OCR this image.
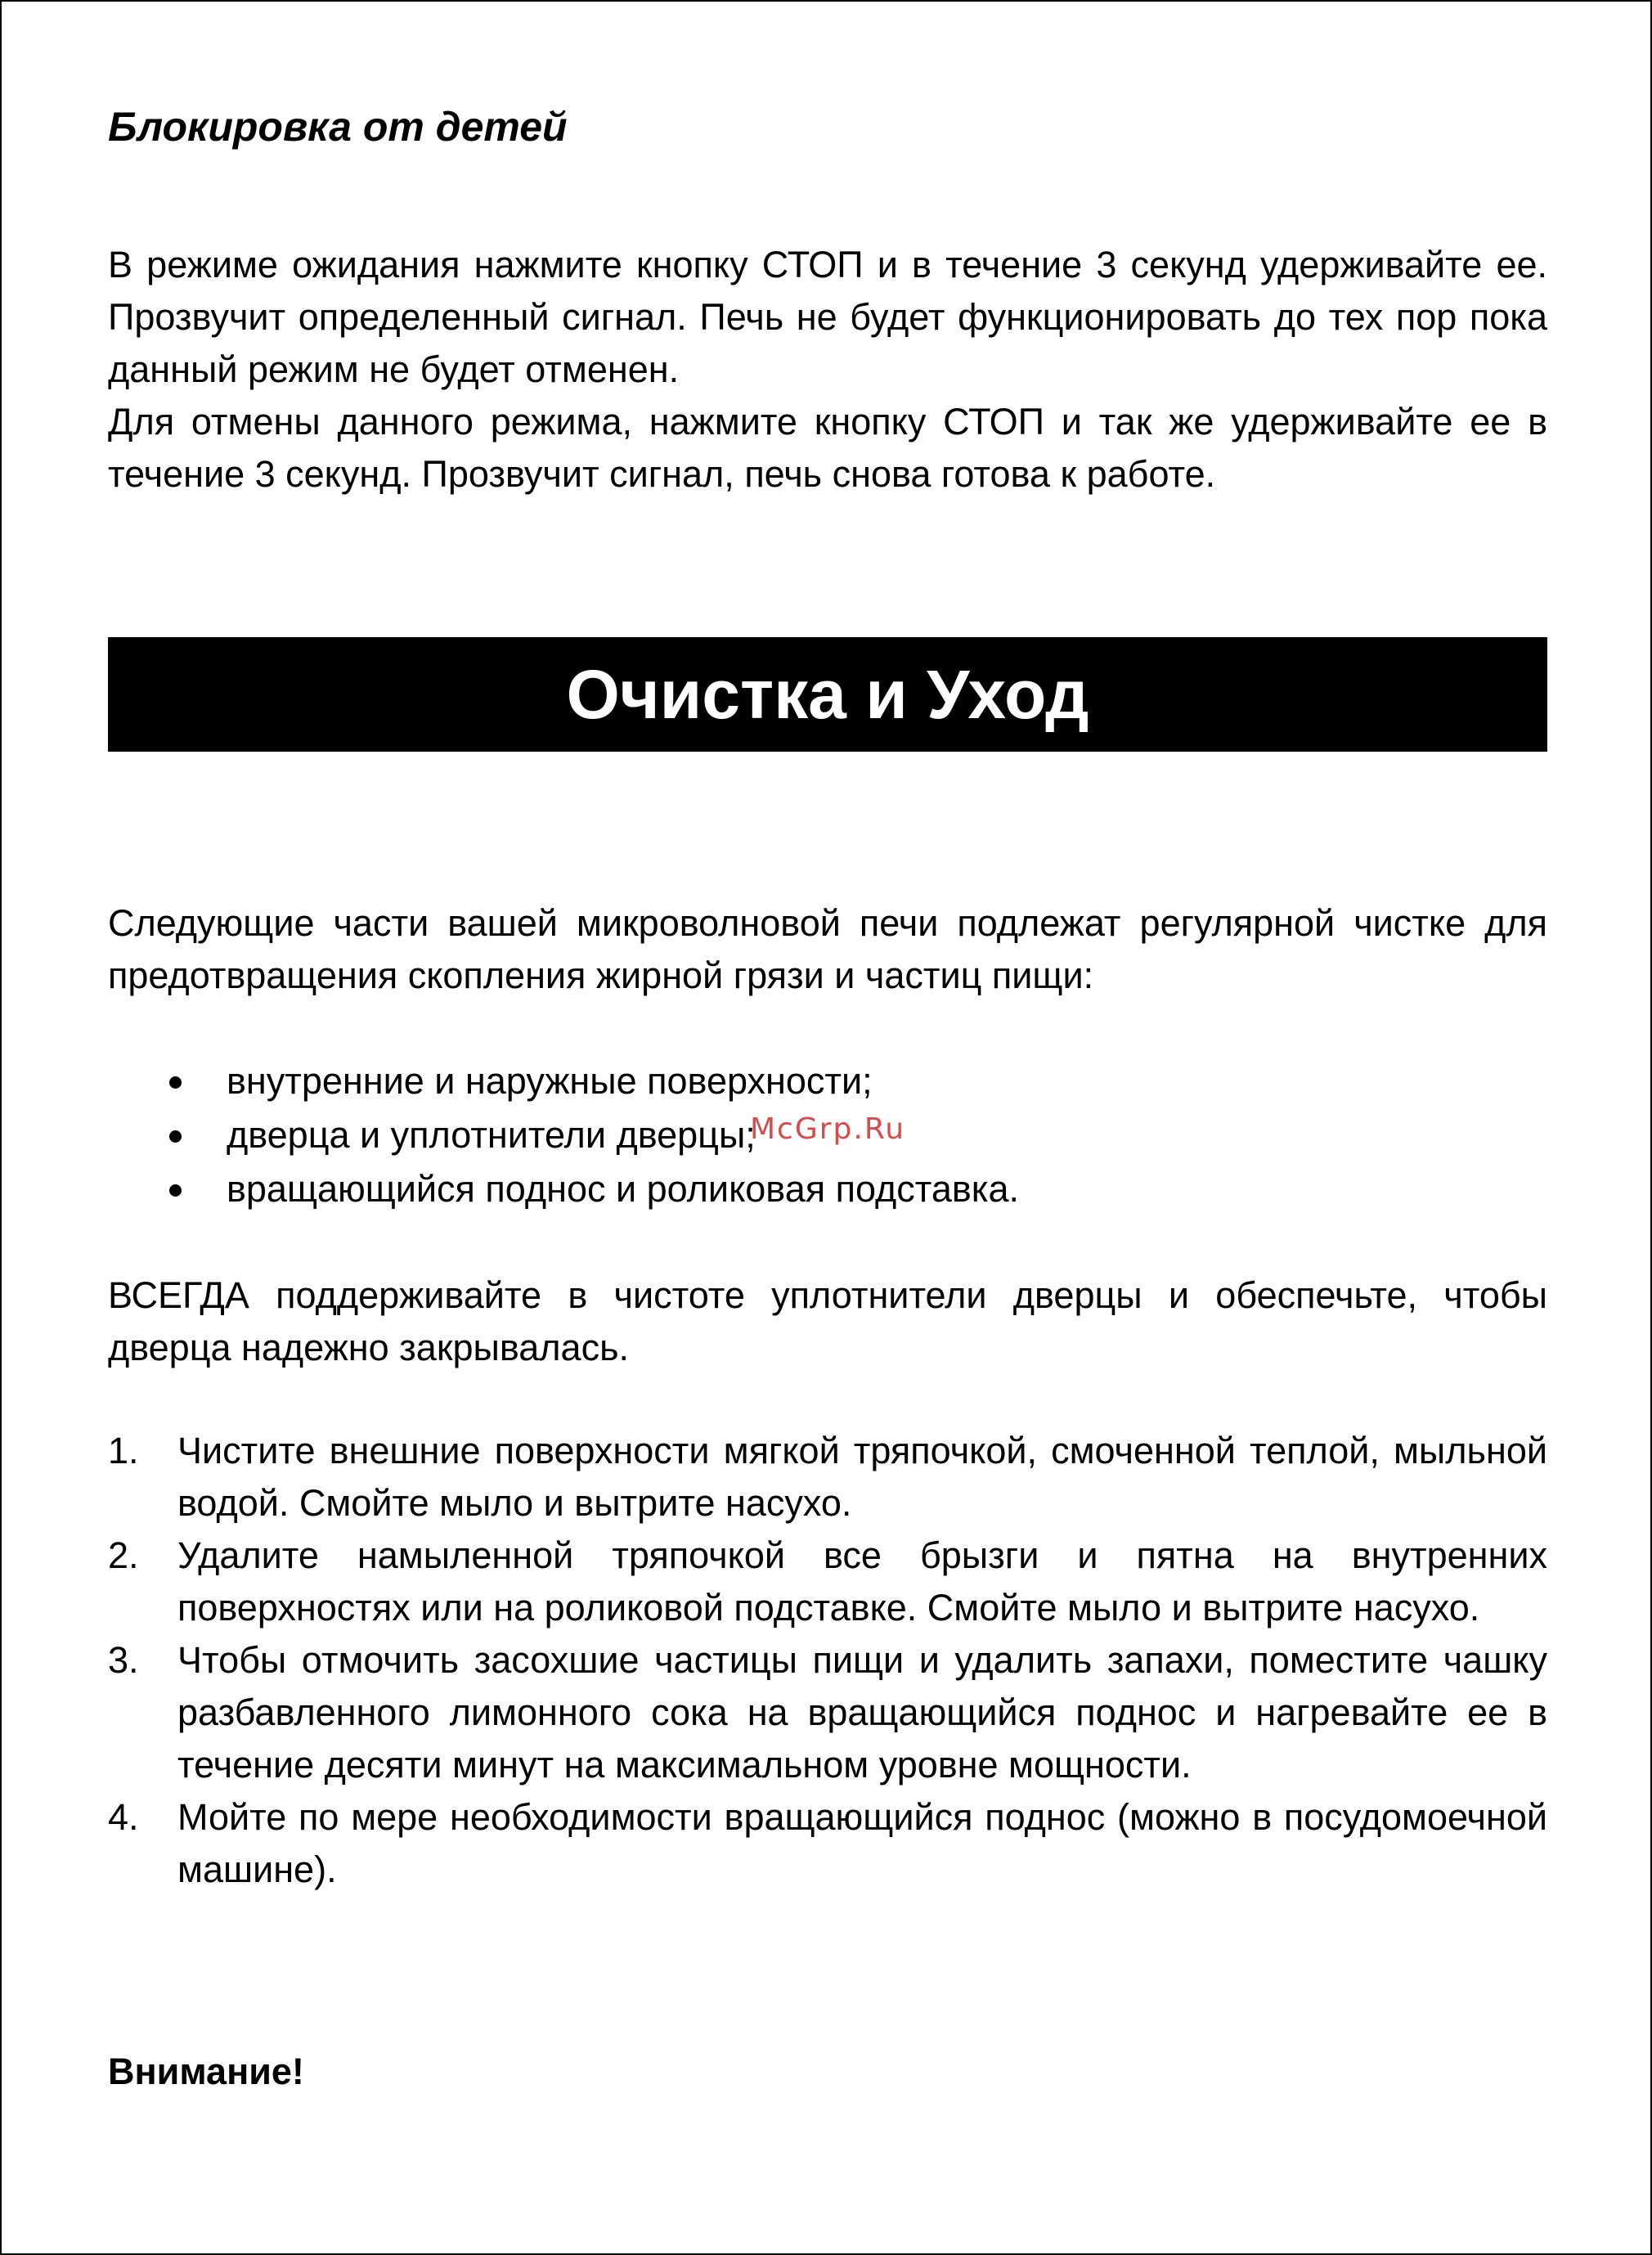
Блокировка от детей

В режиме ожидания нажмите кнопку СТОП и в течение 3 секунд удерживайте ее. Прозвучит определенный сигнал. Печь не будет функционировать до тех пор пока данный режим не будет отменен.

Для отмены данного режима, нажмите кнопку СТОП и так же удерживайте ее в течение 3 секунд. Прозвучит сигнал, печь снова готова к работе.

Очистка и Уход

Следующие части вашей микроволновой печи подлежат регулярной чистке для предотвращения скопления жирной грязи и частиц пищи:

внутренние и наружные поверхности;
дверца и уплотнители дверцы;
вращающийся поднос и роликовая подставка.

ВСЕГДА поддерживайте в чистоте уплотнители дверцы и обеспечьте, чтобы дверца надежно закрывалась.

1. Чистите внешние поверхности мягкой тряпочкой, смоченной теплой, мыльной водой. Смойте мыло и вытрите насухо.
2. Удалите намыленной тряпочкой все брызги и пятна на внутренних поверхностях или на роликовой подставке. Смойте мыло и вытрите насухо.
3. Чтобы отмочить засохшие частицы пищи и удалить запахи, поместите чашку разбавленного лимонного сока на вращающийся поднос и нагревайте ее в течение десяти минут на максимальном уровне мощности.
4. Мойте по мере необходимости вращающийся поднос (можно в посудомоечной машине).

Внимание!

McGrp.Ru
